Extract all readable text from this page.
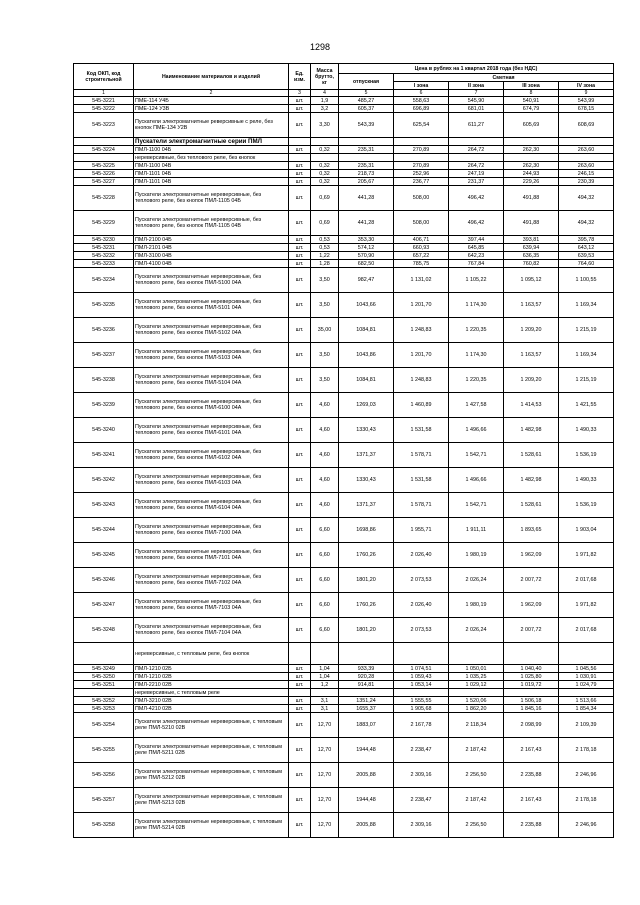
1298
Код ОКП, код строительной	Наименование материалов и изделий	Ед. изм.	Масса брутто, кг	Цена в рублях на 1 квартал 2018 года (без НДС)				
				отпускная	Сметная			
					I зона	II зона	III зона	IV зона
1	2	3	4	5	6	7	8	9
545-3221	ПМЕ-114 У4Б	шт.	1,9	485,27	558,63	545,90	540,91	543,99
545-3222	ПМЕ-124 У3В	шт.	3,2	605,37	696,89	681,01	674,79	678,15
545-3223	Пускатели электромагнитные реверсивные с реле, без кнопок ПМЕ-134 У2В	шт.	3,30	543,39	625,54	611,27	605,69	608,69
	Пускатели электромагнитные серии ПМЛ							
545-3224	ПМЛ-1100 04Б	шт.	0,32	235,31	270,89	264,72	262,30	263,60
	нереверсивные, без теплового реле, без кнопок							
545-3225	ПМЛ-1100 04В	шт.	0,32	235,31	270,89	264,72	262,30	263,60
545-3226	ПМЛ-1101 04Б	шт.	0,32	218,73	252,96	247,19	244,93	246,15
545-3227	ПМЛ-1101 04В	шт.	0,32	205,67	236,77	231,37	229,26	230,39
545-3228	Пускатели электромагнитные нереверсивные, без теплового реле, без кнопок ПМЛ-1105 04Б	шт.	0,69	441,28	508,00	496,42	491,88	494,32
545-3229	Пускатели электромагнитные нереверсивные, без теплового реле, без кнопок ПМЛ-1105 04В	шт.	0,69	441,28	508,00	496,42	491,88	494,32
545-3230	ПМЛ-2100 04Б	шт.	0,53	353,30	406,71	397,44	393,81	395,78
545-3231	ПМЛ-2101 04В	шт.	0,53	574,12	660,93	645,85	639,94	643,12
545-3232	ПМЛ-3100 04В	шт.	1,22	570,90	657,22	642,23	636,35	639,53
545-3233	ПМЛ-4100 04В	шт.	1,28	682,50	785,75	767,84	760,82	764,60
545-3234	Пускатели электромагнитные нереверсивные, без теплового реле, без кнопок ПМЛ-5100 04А	шт.	3,50	982,47	1 131,02	1 105,22	1 095,12	1 100,55
545-3235	Пускатели электромагнитные нереверсивные, без теплового реле, без кнопок ПМЛ-5101 04А	шт.	3,50	1043,66	1 201,70	1 174,30	1 163,57	1 169,34
545-3236	Пускатели электромагнитные нереверсивные, без теплового реле, без кнопок ПМЛ-5102 04А	шт.	35,00	1084,81	1 248,83	1 220,35	1 209,20	1 215,19
545-3237	Пускатели электромагнитные нереверсивные, без теплового реле, без кнопок ПМЛ-5103 04А	шт.	3,50	1043,86	1 201,70	1 174,30	1 163,57	1 169,34
545-3238	Пускатели электромагнитные нереверсивные, без теплового реле, без кнопок ПМЛ-5104 04А	шт.	3,50	1084,81	1 248,83	1 220,35	1 209,20	1 215,19
545-3239	Пускатели электромагнитные нереверсивные, без теплового реле, без кнопок ПМЛ-6100 04А	шт.	4,60	1269,03	1 460,89	1 427,58	1 414,53	1 421,55
545-3240	Пускатели электромагнитные нереверсивные, без теплового реле, без кнопок ПМЛ-6101 04А	шт.	4,60	1330,43	1 531,58	1 496,66	1 482,98	1 490,33
545-3241	Пускатели электромагнитные нереверсивные, без теплового реле, без кнопок ПМЛ-6102 04А	шт.	4,60	1371,37	1 578,71	1 542,71	1 528,61	1 536,19
545-3242	Пускатели электромагнитные нереверсивные, без теплового реле, без кнопок ПМЛ-6103 04А	шт.	4,60	1330,43	1 531,58	1 496,66	1 482,98	1 490,33
545-3243	Пускатели электромагнитные нереверсивные, без теплового реле, без кнопок ПМЛ-6104 04А	шт.	4,60	1371,37	1 578,71	1 542,71	1 528,61	1 536,19
545-3244	Пускатели электромагнитные нереверсивные, без теплового реле, без кнопок ПМЛ-7100 04А	шт.	6,60	1698,86	1 955,71	1 911,11	1 893,65	1 903,04
545-3245	Пускатели электромагнитные нереверсивные, без теплового реле, без кнопок ПМЛ-7101 04А	шт.	6,60	1760,26	2 026,40	1 980,19	1 962,09	1 971,82
545-3246	Пускатели электромагнитные нереверсивные, без теплового реле, без кнопок ПМЛ-7102 04А	шт.	6,60	1801,20	2 073,53	2 026,24	2 007,72	2 017,68
545-3247	Пускатели электромагнитные нереверсивные, без теплового реле, без кнопок ПМЛ-7103 04А	шт.	6,60	1760,26	2 026,40	1 980,19	1 962,09	1 971,82
545-3248	Пускатели электромагнитные нереверсивные, без теплового реле, без кнопок ПМЛ-7104 04А	шт.	6,60	1801,20	2 073,53	2 026,24	2 007,72	2 017,68
	нереверсивные, с тепловым реле, без кнопок							
545-3249	ПМЛ-1210 02Б	шт.	1,04	933,39	1 074,51	1 050,01	1 040,40	1 045,56
545-3250	ПМЛ-1210 02В	шт.	1,04	920,28	1 059,43	1 035,25	1 025,80	1 030,91
545-3251	ПМЛ-2210 02В	шт.	1,2	914,81	1 053,14	1 029,12	1 019,72	1 024,79
	нереверсивные, с тепловым реле							
545-3252	ПМЛ-3210 02В	шт.	3,1	1351,24	1 555,55	1 520,06	1 506,18	1 513,66
545-3253	ПМЛ-4210 02В	шт.	3,1	1655,37	1 905,68	1 862,20	1 845,16	1 854,34
545-3254	Пускатели электромагнитные нереверсивные, с тепловым реле ПМЛ-5210 02В	шт.	12,70	1883,07	2 167,78	2 118,34	2 098,99	2 109,39
545-3255	Пускатели электромагнитные нереверсивные, с тепловым реле ПМЛ-5211 02В	шт.	12,70	1944,48	2 238,47	2 187,42	2 167,43	2 178,18
545-3256	Пускатели электромагнитные нереверсивные, с тепловым реле ПМЛ-5212 02В	шт.	12,70	2005,88	2 309,16	2 256,50	2 235,88	2 246,96
545-3257	Пускатели электромагнитные нереверсивные, с тепловым реле ПМЛ-5213 02В	шт.	12,70	1944,48	2 238,47	2 187,42	2 167,43	2 178,18
545-3258	Пускатели электромагнитные нереверсивные, с тепловым реле ПМЛ-5214 02В	шт.	12,70	2005,88	2 309,16	2 256,50	2 235,88	2 246,96
